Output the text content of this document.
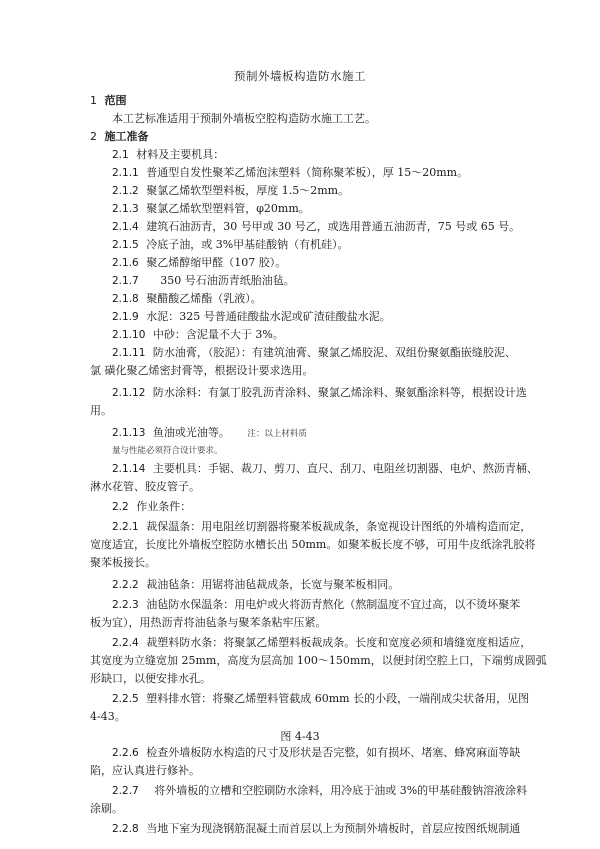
预制外墙板构造防水施工
1 范围
本工艺标准适用于预制外墙板空腔构造防水施工工艺。
2 施工准备
2.1 材料及主要机具：
2.1.1 普通型自发性聚苯乙烯泡沫塑料（简称聚苯板），厚 15～20mm。
2.1.2 聚氯乙烯软型塑料板，厚度 1.5～2mm。
2.1.3 聚氯乙烯软型塑料管，φ20mm。
2.1.4 建筑石油沥青，30 号甲或 30 号乙，或选用普通五油沥青，75 号或 65 号。
2.1.5 冷底子油，或 3%甲基硅酸钠（有机硅）。
2.1.6 聚乙烯醇缩甲醛（107 胶）。
2.1.7 350 号石油沥青纸胎油毡。
2.1.8 聚醋酸乙烯酯（乳液）。
2.1.9 水泥：325 号普通硅酸盐水泥或矿渣硅酸盐水泥。
2.1.10 中砂：含泥量不大于 3%。
2.1.11 防水油膏，（胶泥）：有建筑油膏、聚氯乙烯胶泥、双组份聚氨酯嵌缝胶泥、
氯 磺化聚乙烯密封膏等，根据设计要求选用。
2.1.12 防水涂料：有氯丁胶乳沥青涂料、聚氯乙烯涂料、聚氨酯涂料等，根据设计选
用。
2.1.13 鱼油或光油等。 注：以上材料质
量与性能必须符合设计要求。
2.1.14 主要机具：手锯、裁刀、剪刀、直尺、刮刀、电阻丝切割器、电炉、熬沥青桶、
淋水花管、胶皮管子。
2.2 作业条件：
2.2.1 裁保温条：用电阻丝切割器将聚苯板裁成条，条宽视设计图纸的外墙构造而定，
宽度适宜，长度比外墙板空腔防水槽长出 50mm。如聚苯板长度不够，可用牛皮纸涂乳胶将
聚苯板接长。
2.2.2 裁油毡条：用锯将油毡裁成条，长宽与聚苯板相同。
2.2.3 油毡防水保温条：用电炉或火将沥青熬化（熬制温度不宜过高，以不烫坏聚苯
板为宜），用热沥青将油毡条与聚苯条粘牢压紧。
2.2.4 裁塑料防水条：将聚氯乙烯塑料板裁成条。长度和宽度必须和墙缝宽度相适应，
其宽度为立缝宽加 25mm，高度为层高加 100～150mm，以便封闭空腔上口，下端剪成圆弧
形缺口，以便安排水孔。
2.2.5 塑料排水管：将聚乙烯塑料管截成 60mm 长的小段，一端削成尖状备用，见图
4-43。
图 4-43
2.2.6 检查外墙板防水构造的尺寸及形状是否完整，如有损坏、堵塞、蜂窝麻面等缺
陷，应认真进行修补。
2.2.7 将外墙板的立槽和空腔刷防水涂料，用冷底于油或 3%的甲基硅酸钠溶液涂料
涂刷。
2.2.8 当地下室为现浇钢筋混凝土而首层以上为预制外墙板时，首层应按图纸规制通
